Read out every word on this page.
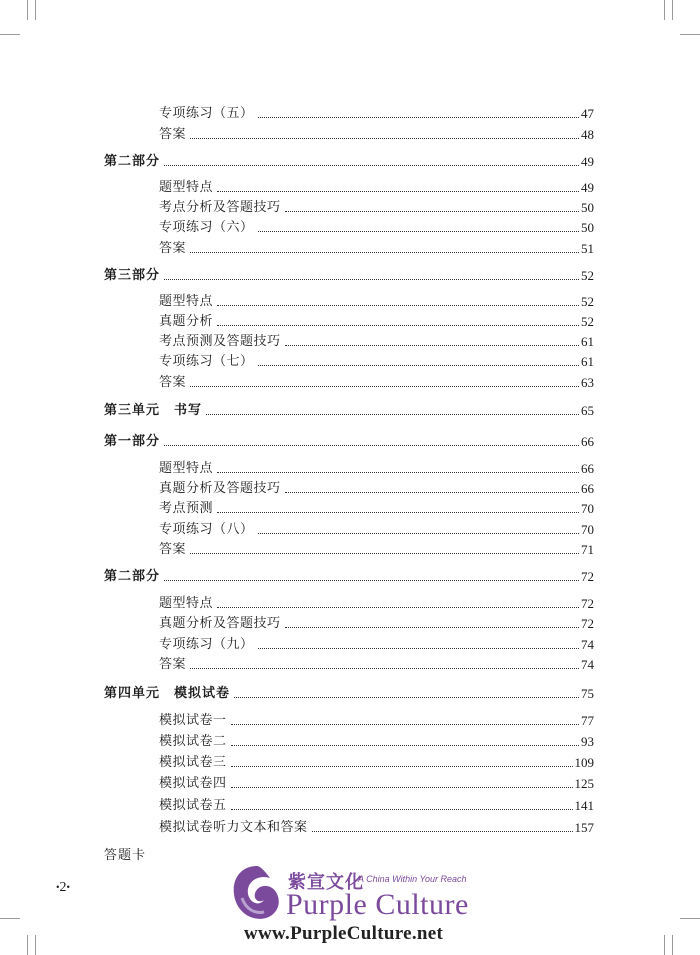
专项练习（五）	47
答案	48
第二部分	49
题型特点	49
考点分析及答题技巧	50
专项练习（六）	50
答案	51
第三部分	52
题型特点	52
真题分析	52
考点预测及答题技巧	61
专项练习（七）	61
答案	63
第三单元　书写	65
第一部分	66
题型特点	66
真题分析及答题技巧	66
考点预测	70
专项练习（八）	70
答案	71
第二部分	72
题型特点	72
真题分析及答题技巧	72
专项练习（九）	74
答案	74
第四单元　模拟试卷	75
模拟试卷一	77
模拟试卷二	93
模拟试卷三	109
模拟试卷四	125
模拟试卷五	141
模拟试卷听力文本和答案	157
答题卡
•2•	紫宣文化
A China Within Your Reach
Purple Culture
www.PurpleCulture.net
